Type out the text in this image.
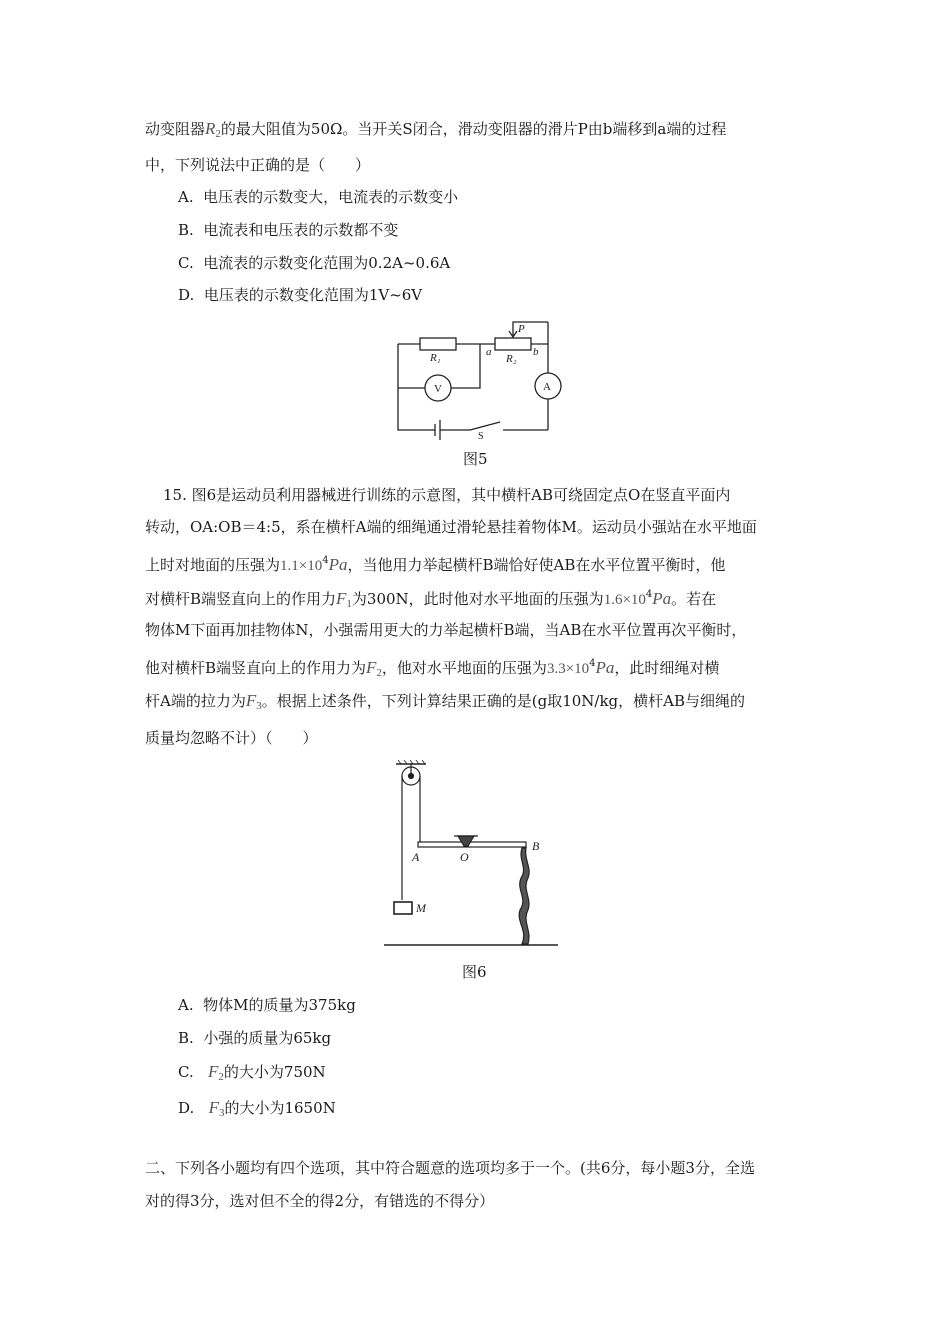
动变阻器$R_2$的最大阻值为50Ω。当开关S闭合，滑动变阻器的滑片P由b端移到a端的过程
中，下列说法中正确的是（　　）
A. 电压表的示数变大，电流表的示数变小
B. 电流表和电压表的示数都不变
C. 电流表的示数变化范围为0.2A~0.6A
D. 电压表的示数变化范围为1V~6V
R₁	R₂
a	b
P
V	A
S
图5
15. 图6是运动员利用器械进行训练的示意图，其中横杆AB可绕固定点O在竖直平面内
转动，OA:OB＝4:5，系在横杆A端的细绳通过滑轮悬挂着物体M。运动员小强站在水平地面
上时对地面的压强为$1.1\times 10^4Pa$，当他用力举起横杆B端恰好使AB在水平位置平衡时，他
对横杆B端竖直向上的作用力$F_1$为300N，此时他对水平地面的压强为$1.6\times 10^4Pa$。若在
物体M下面再加挂物体N，小强需用更大的力举起横杆B端，当AB在水平位置再次平衡时，
他对横杆B端竖直向上的作用力为$F_2$，他对水平地面的压强为$3.3\times 10^4Pa$，此时细绳对横
杆A端的拉力为$F_3$。根据上述条件，下列计算结果正确的是(g取10N/kg，横杆AB与细绳的
质量均忽略不计）（　　）
A	O
B
M
图6
A. 物体M的质量为375kg
B. 小强的质量为65kg
C. $F_2$的大小为750N
D. $F_3$的大小为1650N
二、下列各小题均有四个选项，其中符合题意的选项均多于一个。(共6分，每小题3分，全选
对的得3分，选对但不全的得2分，有错选的不得分）
